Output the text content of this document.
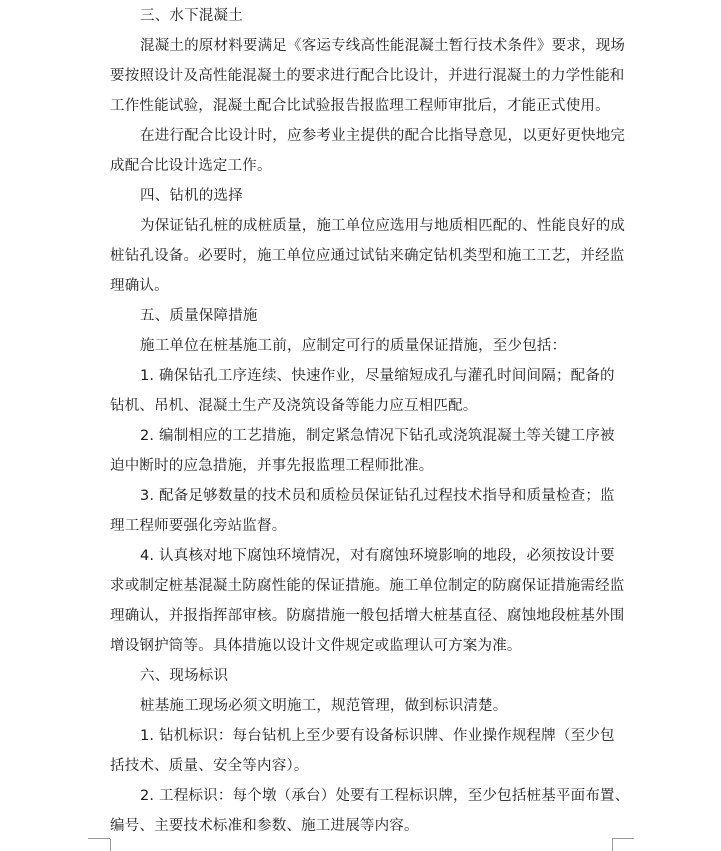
三、水下混凝土
混凝土的原材料要满足《客运专线高性能混凝土暂行技术条件》要求，现场
要按照设计及高性能混凝土的要求进行配合比设计，并进行混凝土的力学性能和
工作性能试验，混凝土配合比试验报告报监理工程师审批后，才能正式使用。
在进行配合比设计时，应参考业主提供的配合比指导意见，以更好更快地完
成配合比设计选定工作。
四、钻机的选择
为保证钻孔桩的成桩质量，施工单位应选用与地质相匹配的、性能良好的成
桩钻孔设备。必要时，施工单位应通过试钻来确定钻机类型和施工工艺，并经监
理确认。
五、质量保障措施
施工单位在桩基施工前，应制定可行的质量保证措施，至少包括：
1. 确保钻孔工序连续、快速作业，尽量缩短成孔与灌孔时间间隔；配备的
钻机、吊机、混凝土生产及浇筑设备等能力应互相匹配。
2. 编制相应的工艺措施，制定紧急情况下钻孔或浇筑混凝土等关键工序被
迫中断时的应急措施，并事先报监理工程师批准。
3. 配备足够数量的技术员和质检员保证钻孔过程技术指导和质量检查；监
理工程师要强化旁站监督。
4. 认真核对地下腐蚀环境情况，对有腐蚀环境影响的地段，必须按设计要
求或制定桩基混凝土防腐性能的保证措施。施工单位制定的防腐保证措施需经监
理确认，并报指挥部审核。防腐措施一般包括增大桩基直径、腐蚀地段桩基外围
增设钢护筒等。具体措施以设计文件规定或监理认可方案为准。
六、现场标识
桩基施工现场必须文明施工，规范管理，做到标识清楚。
1. 钻机标识：每台钻机上至少要有设备标识牌、作业操作规程牌（至少包
括技术、质量、安全等内容）。
2. 工程标识：每个墩（承台）处要有工程标识牌，至少包括桩基平面布置、
编号、主要技术标准和参数、施工进展等内容。
